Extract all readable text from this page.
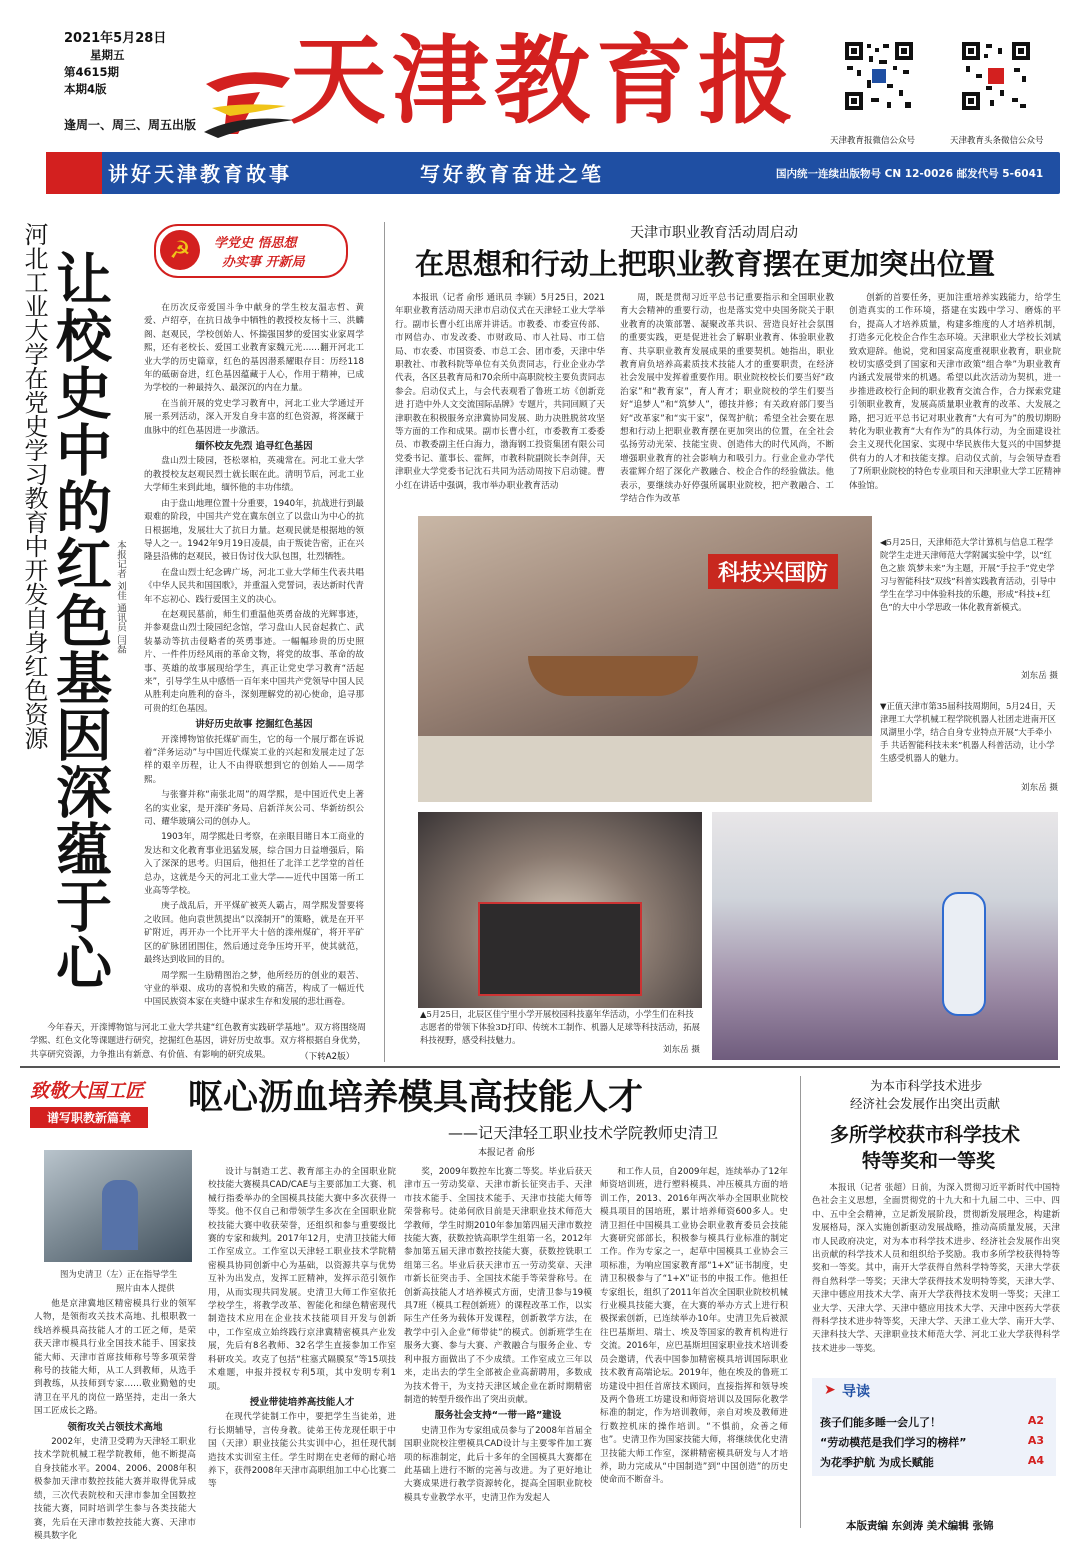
2021年5月28日
星期五
第4615期
本期4版
逢周一、周三、周五出版 天津教育报
天津教育报微信公众号	天津教育头条微信公众号
讲好天津教育故事	写好教育奋进之笔	国内统一连续出版物号 CN 12-0026 邮发代号 5-6041
河北工业大学在党史学习教育中开发自身红色资源	☭	学党史 悟思想
办实事 开新局
让校史中的红色基因深蕴于心 本报记者 刘佳 通讯员 闫磊

在历次反帝爱国斗争中献身的学生校友温志哲、黄爱、卢绍亭，在抗日战争中牺牲的教授校友杨十三、洪麟阁、赵观民，学校创始人、怀揣强国梦的爱国实业家周学熙，还有老校长、爱国工业教育家魏元光……翻开河北工业大学的历史篇章，红色的基因潜系耀眼存目：历经118年的砥砺奋进，红色基因蕴藏于人心，作用于精神，已成为学校的一种最持久、最深沉的内在力量。

在当前开展的党史学习教育中，河北工业大学通过开展一系列活动，深入开发自身丰富的红色资源，将深藏于血脉中的红色基因进一步激活。

缅怀校友先烈 追寻红色基因

盘山烈士陵园，苍松翠柏，英魂常在。河北工业大学的教授校友赵观民烈士就长眠在此。清明节后，河北工业大学师生来到此地，缅怀他的丰功伟绩。

由于盘山地理位置十分重要，1940年，抗战进行到最艰难的阶段，中国共产党在冀东创立了以盘山为中心的抗日根据地，发展壮大了抗日力量。赵观民就是根据地的领导人之一。1942年9月19日凌晨，由于叛徒告密，正在兴隆县沿佛的赵观民，被日伪讨伐大队包围，壮烈牺牲。

在盘山烈士纪念碑广场，河北工业大学师生代表共唱《中华人民共和国国歌》，并重温入党誓词，表达新时代青年不忘初心、践行爱国主义的决心。

在赵观民墓前，师生们重温他英勇奋战的光辉事迹，并参观盘山烈士陵园纪念馆，学习盘山人民奋起救亡、武装暴动等抗击侵略者的英勇事迹。一幅幅珍贵的历史照片、一件件历经风雨的革命文物，将党的故事、革命的故事、英雄的故事展现给学生，真正让党史学习教育“活起来”，引导学生从中感悟一百年来中国共产党领导中国人民从胜利走向胜利的奋斗，深刻理解党的初心使命，追寻那可贵的红色基因。

讲好历史故事 挖掘红色基因

开滦博物馆依托煤矿而生，它的每一个展厅都在诉说着“洋务运动”与中国近代煤炭工业的兴起和发展走过了怎样的艰辛历程，让人不由得联想到它的创始人——周学熙。

与张謇并称“南张北周”的周学熙，是中国近代史上著名的实业家，是开滦矿务局、启新洋灰公司、华新纺织公司、耀华玻璃公司的创办人。

1903年，周学熙赴日考察，在亲眼目睹日本工商业的发达和文化教育事业迅猛发展，综合国力日益增强后，陷入了深深的思考。归国后，他担任了北洋工艺学堂的首任总办，这就是今天的河北工业大学——近代中国第一所工业高等学校。

庚子战乱后，开平煤矿被英人霸占，周学熙发誓要将之收回。他向袁世凯提出“以滦制开”的策略，就是在开平矿附近，再开办一个比开平大十倍的滦州煤矿，将开平矿区的矿脉团团围住，然后通过竞争压垮开平，使其就范，最终达到收回的目的。

周学熙一生励精图治之梦，他所经历的创业的艰苦、守业的举艰、成功的喜悦和失败的痛苦，构成了一幅近代中国民族资本家在夹缝中谋求生存和发展的悲壮画卷。

今年春天，开滦博物馆与河北工业大学共建“红色教育实践研学基地”。双方将围绕周学熙、红色文化等课题进行研究，挖掘红色基因，讲好历史故事。双方将根据自身优势，共享研究资源，力争推出有新意、有价值、有影响的研究成果。	（下转A2版）
天津市职业教育活动周启动
在思想和行动上把职业教育摆在更加突出位置

本报讯（记者 俞彤 通讯员 李颖）5月25日，2021年职业教育活动周天津市启动仪式在天津轻工业大学举行。副市长曹小红出席并讲话。市教委、市委宣传部、市网信办、市发改委、市财政局、市人社局、市工信局、市农委、市国资委、市总工会、团市委，天津中华职教社、市教科院等单位有关负责同志，行业企业办学代表，各区县教育局和70余所中高职院校主要负责同志参会。启动仪式上，与会代表观看了鲁班工坊《创新竞进 打造中外人文交流国际品牌》专题片，共同回顾了天津职教在积极服务京津冀协同发展、助力决胜脱贫攻坚等方面的工作和成果。副市长曹小红，市委教育工委委员、市教委副主任白海力，渤海钢工投资集团有限公司党委书记、董事长、霍辉，市教科院副院长李剑萍，天津职业大学党委书记沈石共同为活动周按下启动键。曹小红在讲话中强调，我市举办职业教育活动

周，既是贯彻习近平总书记重要指示和全国职业教育大会精神的重要行动，也是落实党中央国务院关于职业教育的决策部署、凝聚改革共识、营造良好社会氛围的重要实践，更是促进社会了解职业教育、体验职业教育、共享职业教育发展成果的重要契机。她指出，职业教育肩负培养高素质技术技能人才的重要职责，在经济社会发展中发挥着重要作用。职业院校校长们要当好“政治家”和“教育家”，育人育才；职业院校的学生们要当好“追梦人”和“筑梦人”，德技并修；有关政府部门要当好“改革家”和“实干家”，保驾护航；希望全社会要在思想和行动上把职业教育摆在更加突出的位置，在全社会弘扬劳动光荣、技能宝贵、创造伟大的时代风尚，不断增强职业教育的社会影响力和吸引力。行业企业办学代表霍辉介绍了深化产教融合、校企合作的经验做法。他表示，要继续办好停强所属职业院校，把产教融合、工学结合作为改革

创新的首要任务，更加注重培养实践能力，给学生创造真实的工作环境，搭建在实践中学习、磨炼的平台，提高人才培养质量，构建多维度的人才培养机制，打造多元化校企合作生态环境。天津职业大学校长刘斌致欢迎辞。他说，党和国家高度重视职业教育，职业院校切实感受到了国家和天津市政策“组合拳”为职业教育内涵式发展带来的机遇。希望以此次活动为契机，进一步推进政校行企间的职业教育交流合作，合力探索党建引领职业教育，发展高质量职业教育的改革、大发展之路，把习近平总书记对职业教育“大有可为”的殷切期盼转化为职业教育“大有作为”的具体行动，为全面建设社会主义现代化国家、实现中华民族伟大复兴的中国梦提供有力的人才和技能支撑。启动仪式前，与会领导查看了7所职业院校的特色专业项目和天津职业大学工匠精神体验馆。

科技兴国防
◀5月25日，天津师范大学计算机与信息工程学院学生走进天津师范大学附属实验中学，以“红色之旅 筑梦未来”为主题，开展“手拉手”党史学习与智能科技“双线”科普实践教育活动，引导中学生在学习中体验科技的乐趣，形成“科技+红色”的大中小学思政一体化教育新模式。
刘东岳 摄
▼正值天津市第35届科技周期间，5月24日，天津理工大学机械工程学院机器人社团走进南开区凤湖里小学，结合自身专业特点开展“大手牵小手 共话智能科技未来”机器人科普活动，让小学生感受机器人的魅力。
刘东岳 摄
▲5月25日，北辰区佳宁里小学开展校园科技嘉年华活动，小学生们在科技志愿者的带领下体验3D打印、传统木工制作、机器人足球等科技活动，拓展科技视野，感受科技魅力。
刘东岳 摄
致敬大国工匠
谱写职教新篇章	呕心沥血培养模具高技能人才
——记天津轻工职业技术学院教师史清卫
本报记者 俞彤
图为史清卫（左）正在指导学生
照片由本人提供

他是京津冀地区精密模具行业的领军人物，是领衔攻关技术高地、扎根职教一线培养模具高技能人才的工匠之师，是荣获天津市模具行业全国技术能手、国家技能大师、天津市首席技师称号等多项荣誉称号的技能大师，从工人到教师，从选手到教练，从技师到专家……敬业勤勉的史清卫在平凡的岗位一路坚持，走出一条大国工匠成长之路。

领衔攻关占领技术高地

2002年，史清卫受聘为天津轻工职业技术学院机械工程学院教师，他不断提高自身技能水平。2004、2006、2008年积极参加天津市数控技能大赛并取得优异成绩，三次代表院校和天津市参加全国数控技能大赛，同时培训学生参与各类技能大赛，先后在天津市数控技能大赛、天津市模具数字化

设计与制造工艺、教育部主办的全国职业院校技能大赛模具CAD/CAE与主要部加工大赛、机械行指委举办的全国模具技能大赛中多次获得一等奖。他不仅自己和带领学生多次在全国职业院校技能大赛中收获荣誉，还组织和参与重要级比赛的专家和裁判。2017年12月，史清卫技能大师工作室成立。工作室以天津轻工职业技术学院精密模具协同创新中心为基础，以资源共享与优势互补为出发点，发挥工匠精神，发挥示范引领作用，从而实现共同发展。史清卫大师工作室依托学校学生，将教学改革、智能化和绿色精密现代制造技术应用在企业技术技能项目开发与创新中，工作室成立始终践行京津冀精密模具产业发展，先后有8名教师、32名学生直接参加工作室科研攻关。攻克了包括“柱塞式隔膜泵”等15项技术难题，申报并授权专利5项，其中发明专利1项。

授业带徒培养高技能人才

在现代学徒制工作中，要把学生当徒弟，进行长期辅导，言传身教。徒弟王传龙现任职于中国（天津）职业技能公共实训中心，担任现代制造技术实训室主任。学生时期在史老师的耐心培养下，获得2008年天津市高职组加工中心比赛二等

奖，2009年数控车比赛二等奖。毕业后获天津市五一劳动奖章、天津市新长征突击手、天津市技术能手、全国技术能手、天津市技能大师等荣誉称号。徒弟何欣目前是天津职业技术师范大学教师，学生时期2010年参加第四届天津市数控技能大赛，获数控铣高职学生组第一名，2012年参加第五届天津市数控技能大赛，获数控铣职工组第三名。毕业后获天津市五一劳动奖章、天津市新长征突击手、全国技术能手等荣誉称号。在创新高技能人才培养模式方面，史清卫参与19模具7班（模具工程创新班）的课程改革工作，以实际生产任务为载体开发课程，创新教学方法，在教学中引入企业“师带徒”的模式。创新班学生在服务大赛、参与大赛、产教融合与服务企业、专利申报方面做出了不少成绩。工作室成立三年以来，走出去的学生全部被企业高薪聘用，多数成为技术骨干，为支持天津区域企业在新时期精密制造的转型升级作出了突出贡献。

服务社会支持“一带一路”建设

史清卫作为专家组成员参与了2008年首届全国职业院校注塑模具CAD设计与主要零件加工赛项的标准制定，此后十多年的全国模具大赛都在此基础上进行不断的完善与改进。为了更好地让大赛成果进行教学资源转化，提高全国职业院校模具专业教学水平，史清卫作为发起人

和工作人员，自2009年起，连续举办了12年师资培训班，进行塑料模具、冲压模具方面的培训工作，2013、2016年两次举办全国职业院校模具项目的国培班，累计培养师资600多人。史清卫担任中国模具工业协会职业教育委员会技能大赛研究部部长，积极参与模具行业标准的制定工作。作为专家之一，起草中国模具工业协会三项标准，为响应国家教育部“1+X”证书制度，史清卫积极参与了“1+X”证书的申报工作。他担任专家组长，组织了2011年首次全国职业院校机械行业模具技能大赛，在大赛的举办方式上进行积极探索创新，已连续举办10年。史清卫先后被派往巴基斯坦、瑞士、埃及等国家的教育机构进行交流。2016年，应巴基斯坦国家职业技术培训委员会邀请，代表中国参加精密模具培训国际职业技术教育高端论坛。2019年，他在埃及的鲁班工坊建设中担任首席技术顾问，直接指挥和领导埃及两个鲁班工坊建设和师资培训以及国际化教学标准的制定，作为培训教师，亲自对埃及教师进行数控机床的操作培训。“不惧前，众善之师也”。史清卫作为国家技能大师，将继续优化史清卫技能大师工作室，深耕精密模具研发与人才培养，助力完成从“中国制造”到“中国创造”的历史使命而不断奋斗。

为本市科学技术进步
经济社会发展作出突出贡献
多所学校获市科学技术
特等奖和一等奖

本报讯（记者 张超）日前，为深入贯彻习近平新时代中国特色社会主义思想，全面贯彻党的十九大和十九届二中、三中、四中、五中全会精神，立足新发展阶段，贯彻新发展理念，构建新发展格局，深入实施创新驱动发展战略，推动高质量发展，天津市人民政府决定，对为本市科学技术进步、经济社会发展作出突出贡献的科学技术人员和组织给予奖励。我市多所学校获得特等奖和一等奖。其中，南开大学获得自然科学特等奖，天津大学获得自然科学一等奖；天津大学获得技术发明特等奖，天津大学、天津中德应用技术大学、南开大学获得技术发明一等奖；天津工业大学、天津大学、天津中德应用技术大学、天津中医药大学获得科学技术进步特等奖，天津大学、天津工业大学、南开大学、天津科技大学、天津职业技术师范大学、河北工业大学获得科学技术进步一等奖。

➤ 导读
孩子们能多睡一会儿了！	A2
“劳动模范是我们学习的榜样”	A3
为花季护航 为成长赋能	A4
本版责编 东剑涛 美术编辑 张锦
